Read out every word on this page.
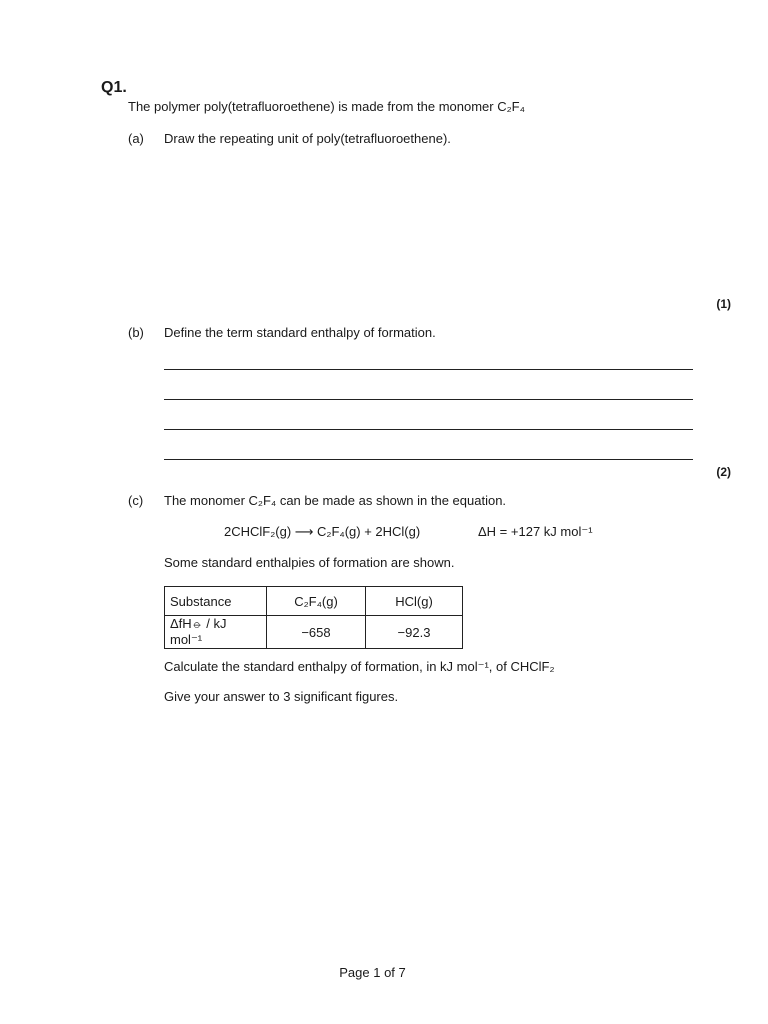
Q1.
The polymer poly(tetrafluoroethene) is made from the monomer C₂F₄
(a) Draw the repeating unit of poly(tetrafluoroethene).
(1)
(b) Define the term standard enthalpy of formation.
(2)
(c) The monomer C₂F₄ can be made as shown in the equation.
2CHClF₂(g) ⟶ C₂F₄(g) + 2HCl(g)	ΔH = +127 kJ mol⁻¹
Some standard enthalpies of formation are shown.
Substance	C₂F₄(g)	HCl(g)
ΔfH⦵ / kJ mol⁻¹	−658	−92.3
Calculate the standard enthalpy of formation, in kJ mol⁻¹, of CHClF₂
Give your answer to 3 significant figures.
Page 1 of 7
